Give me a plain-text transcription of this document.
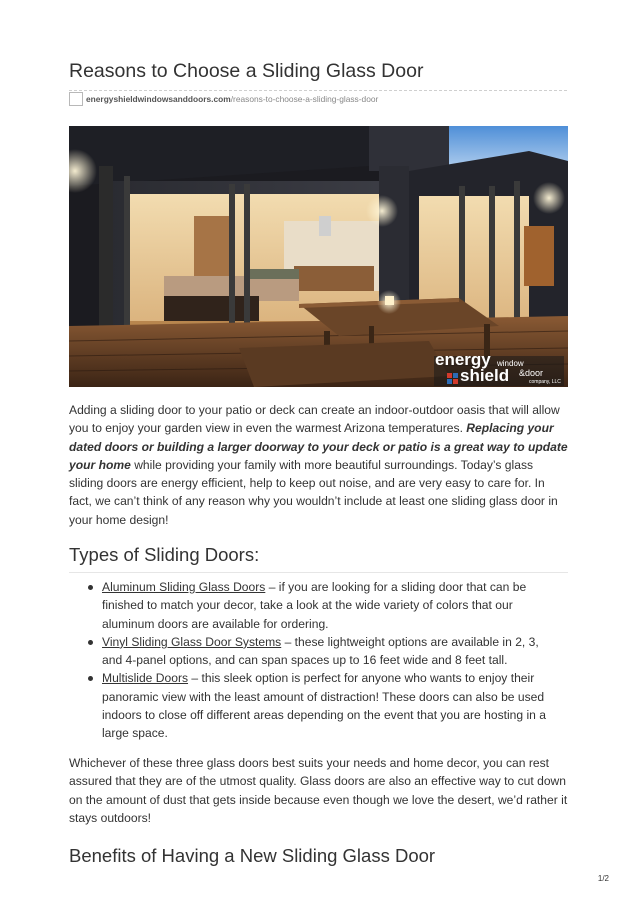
Reasons to Choose a Sliding Glass Door
energyshieldwindowsanddoors.com/reasons-to-choose-a-sliding-glass-door
energy
shield
window
&door
company, LLC

Adding a sliding door to your patio or deck can create an indoor-outdoor oasis that will allow you to enjoy your garden view in even the warmest Arizona temperatures. Replacing your dated doors or building a larger doorway to your deck or patio is a great way to update your home while providing your family with more beautiful surroundings. Today’s glass sliding doors are energy efficient, help to keep out noise, and are very easy to care for. In fact, we can’t think of any reason why you wouldn’t include at least one sliding glass door in your home design!

Types of Sliding Doors:
Aluminum Sliding Glass Doors – if you are looking for a sliding door that can be finished to match your decor, take a look at the wide variety of colors that our aluminum doors are available for ordering.
Vinyl Sliding Glass Door Systems – these lightweight options are available in 2, 3, and 4-panel options, and can span spaces up to 16 feet wide and 8 feet tall.
Multislide Doors – this sleek option is perfect for anyone who wants to enjoy their panoramic view with the least amount of distraction! These doors can also be used indoors to close off different areas depending on the event that you are hosting in a large space.

Whichever of these three glass doors best suits your needs and home decor, you can rest assured that they are of the utmost quality. Glass doors are also an effective way to cut down on the amount of dust that gets inside because even though we love the desert, we’d rather it stays outdoors!

Benefits of Having a New Sliding Glass Door
1/2
